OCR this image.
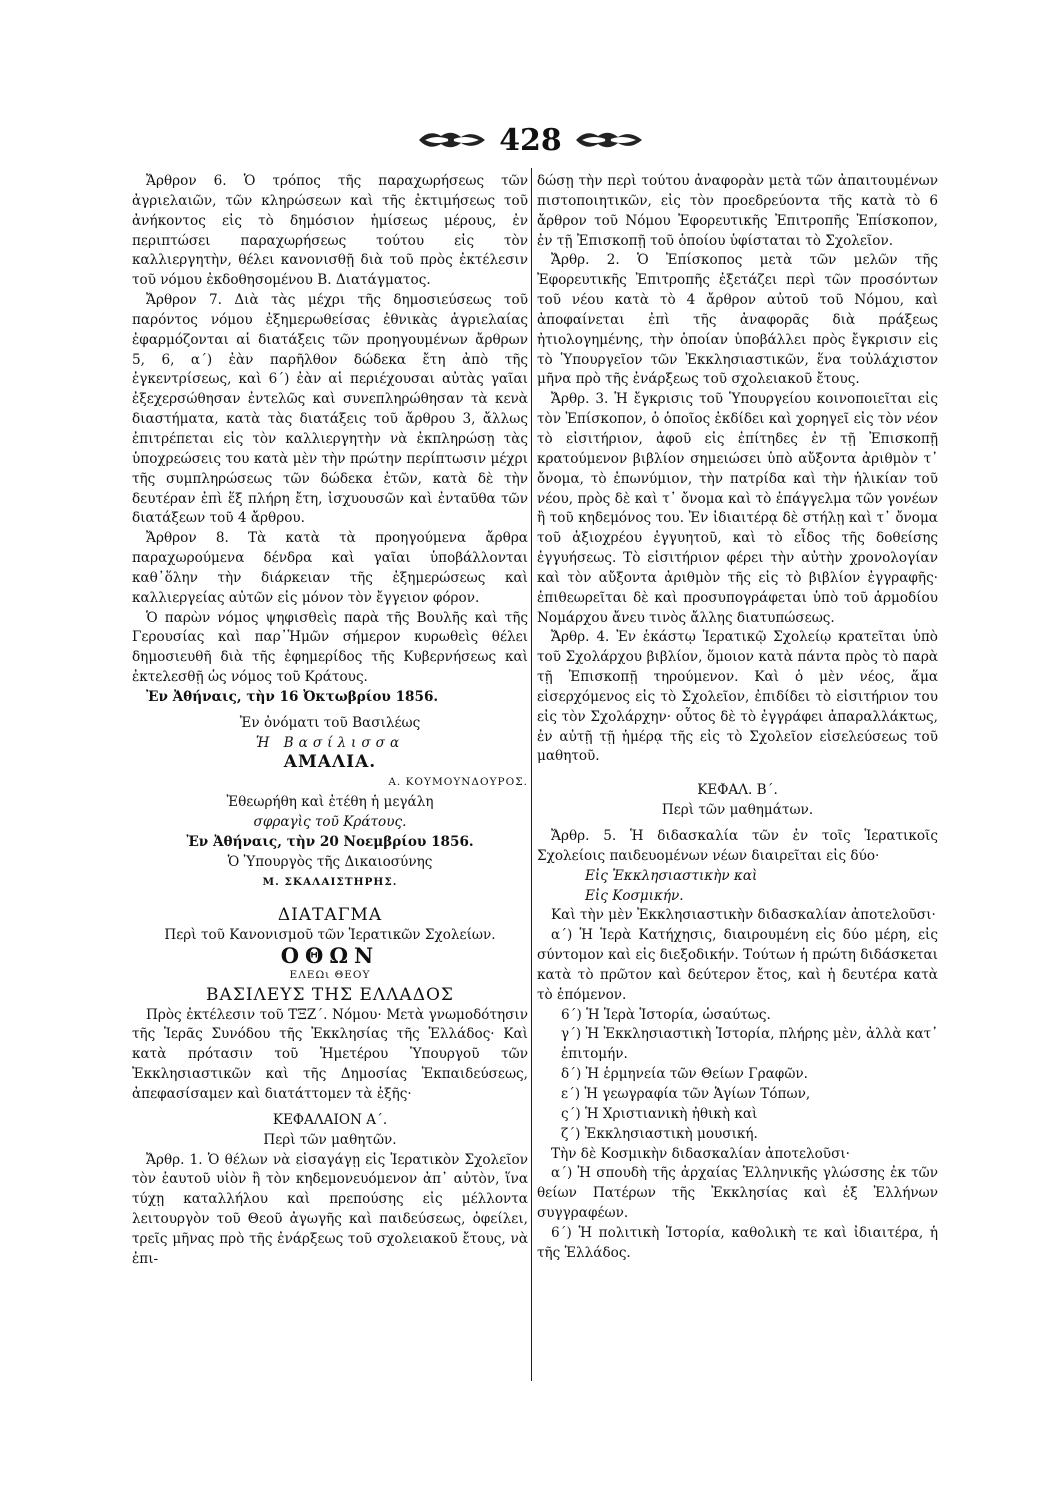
428

Ἄρθρον 6. Ὁ τρόπος τῆς παραχωρήσεως τῶν ἀγριελαιῶν, τῶν κληρώσεων καὶ τῆς ἐκτιμήσεως τοῦ ἀνήκοντος εἰς τὸ δημόσιον ἡμίσεως μέρους, ἐν περιπτώσει παραχωρήσεως τούτου εἰς τὸν καλλιεργητὴν, θέλει κανονισθῇ διὰ τοῦ πρὸς ἐκτέλεσιν τοῦ νόμου ἐκδοθησομένου Β. Διατάγματος.

Ἄρθρον 7. Διὰ τὰς μέχρι τῆς δημοσιεύσεως τοῦ παρόντος νόμου ἐξημερωθείσας ἐθνικὰς ἀγριελαίας ἐφαρμόζονται αἱ διατάξεις τῶν προηγουμένων ἄρθρων 5, 6, α΄) ἐὰν παρῆλθον δώδεκα ἔτη ἀπὸ τῆς ἐγκεντρίσεως, καὶ 6΄) ἐὰν αἱ περιέχουσαι αὐτὰς γαῖαι ἐξεχερσώθησαν ἐντελῶς καὶ συνεπληρώθησαν τὰ κενὰ διαστήματα, κατὰ τὰς διατάξεις τοῦ ἄρθρου 3, ἄλλως ἐπιτρέπεται εἰς τὸν καλλιεργητὴν νὰ ἐκπληρώσῃ τὰς ὑποχρεώσεις του κατὰ μὲν τὴν πρώτην περίπτωσιν μέχρι τῆς συμπληρώσεως τῶν δώδεκα ἐτῶν, κατὰ δὲ τὴν δευτέραν ἐπὶ ἕξ πλήρη ἔτη, ἰσχυουσῶν καὶ ἐνταῦθα τῶν διατάξεων τοῦ 4 ἄρθρου.

Ἄρθρον 8. Τὰ κατὰ τὰ προηγούμενα ἄρθρα παραχωρούμενα δένδρα καὶ γαῖαι ὑποβάλλονται καθ᾽ὅλην τὴν διάρκειαν τῆς ἐξημερώσεως καὶ καλλιεργείας αὐτῶν εἰς μόνον τὸν ἔγγειον φόρον.

Ὁ παρὼν νόμος ψηφισθεὶς παρὰ τῆς Βουλῆς καὶ τῆς Γερουσίας καὶ παρ᾽Ἡμῶν σήμερον κυρωθεὶς θέλει δημοσιευθῆ διὰ τῆς ἐφημερίδος τῆς Κυβερνήσεως καὶ ἐκτελεσθῇ ὡς νόμος τοῦ Κράτους.

Ἐν Ἀθήναις, τὴν 16 Ὀκτωβρίου 1856.

Ἐν ὀνόματι τοῦ Βασιλέως

Ἡ Βασίλισσα

ΑΜΑΛΙΑ.

Α. ΚΟΥΜΟΥΝΔΟΥΡΟΣ.

Ἐθεωρήθη καὶ ἐτέθη ἡ μεγάλη

σφραγὶς τοῦ Κράτους.

Ἐν Ἀθήναις, τὴν 20 Νοεμβρίου 1856.

Ὁ Ὑπουργὸς τῆς Δικαιοσύνης

Μ. ΣΚΑΛΑΙΣΤΗΡΗΣ.

ΔΙΑΤΑΓΜΑ

Περὶ τοῦ Κανονισμοῦ τῶν Ἱερατικῶν Σχολείων.

ΟΘΩΝ

ΕΛΕΩι ΘΕΟΥ

ΒΑΣΙΛΕΥΣ ΤΗΣ ΕΛΛΑΔΟΣ

Πρὸς ἐκτέλεσιν τοῦ ΤΞΖ΄. Νόμου· Μετὰ γνωμοδότησιν τῆς Ἱερᾶς Συνόδου τῆς Ἐκκλησίας τῆς Ἑλλάδος· Καὶ κατὰ πρότασιν τοῦ Ἡμετέρου Ὑπουργοῦ τῶν Ἐκκλησιαστικῶν καὶ τῆς Δημοσίας Ἐκπαιδεύσεως, ἀπεφασίσαμεν καὶ διατάττομεν τὰ ἑξῆς·

ΚΕΦΑΛΑΙΟΝ Α΄.

Περὶ τῶν μαθητῶν.

Ἄρθρ. 1. Ὁ θέλων νὰ εἰσαγάγῃ εἰς Ἱερατικὸν Σχολεῖον τὸν ἑαυτοῦ υἱὸν ἢ τὸν κηδεμονευόμενον ἀπ᾽ αὐτὸν, ἵνα τύχῃ καταλλήλου καὶ πρεπούσης εἰς μέλλοντα λειτουργὸν τοῦ Θεοῦ ἀγωγῆς καὶ παιδεύσεως, ὀφείλει, τρεῖς μῆνας πρὸ τῆς ἐνάρξεως τοῦ σχολειακοῦ ἔτους, νὰ ἐπι-

δώσῃ τὴν περὶ τούτου ἀναφορὰν μετὰ τῶν ἀπαιτουμένων πιστοποιητικῶν, εἰς τὸν προεδρεύοντα τῆς κατὰ τὸ 6 ἄρθρον τοῦ Νόμου Ἐφορευτικῆς Ἐπιτροπῆς Ἐπίσκοπον, ἐν τῇ Ἐπισκοπῇ τοῦ ὁποίου ὑφίσταται τὸ Σχολεῖον.

Ἄρθρ. 2. Ὁ Ἐπίσκοπος μετὰ τῶν μελῶν τῆς Ἐφορευτικῆς Ἐπιτροπῆς ἐξετάζει περὶ τῶν προσόντων τοῦ νέου κατὰ τὸ 4 ἄρθρον αὐτοῦ τοῦ Νόμου, καὶ ἀποφαίνεται ἐπὶ τῆς ἀναφορᾶς διὰ πράξεως ἠτιολογημένης, τὴν ὁποίαν ὑποβάλλει πρὸς ἔγκρισιν εἰς τὸ Ὑπουργεῖον τῶν Ἐκκλησιαστικῶν, ἕνα τοὐλάχιστον μῆνα πρὸ τῆς ἐνάρξεως τοῦ σχολειακοῦ ἔτους.

Ἄρθρ. 3. Ἡ ἔγκρισις τοῦ Ὑπουργείου κοινοποιεῖται εἰς τὸν Ἐπίσκοπον, ὁ ὁποῖος ἐκδίδει καὶ χορηγεῖ εἰς τὸν νέον τὸ εἰσιτήριον, ἀφοῦ εἰς ἐπίτηδες ἐν τῇ Ἐπισκοπῇ κρατούμενον βιβλίον σημειώσει ὑπὸ αὔξοντα ἀριθμὸν τ᾽ ὄνομα, τὸ ἐπωνύμιον, τὴν πατρίδα καὶ τὴν ἡλικίαν τοῦ νέου, πρὸς δὲ καὶ τ᾽ ὄνομα καὶ τὸ ἐπάγγελμα τῶν γονέων ἢ τοῦ κηδεμόνος του. Ἐν ἰδιαιτέρᾳ δὲ στήλῃ καὶ τ᾽ ὄνομα τοῦ ἀξιοχρέου ἐγγυητοῦ, καὶ τὸ εἶδος τῆς δοθείσης ἐγγυήσεως. Τὸ εἰσιτήριον φέρει τὴν αὐτὴν χρονολογίαν καὶ τὸν αὔξοντα ἀριθμὸν τῆς εἰς τὸ βιβλίον ἐγγραφῆς· ἐπιθεωρεῖται δὲ καὶ προσυπογράφεται ὑπὸ τοῦ ἁρμοδίου Νομάρχου ἄνευ τινὸς ἄλλης διατυπώσεως.

Ἄρθρ. 4. Ἐν ἑκάστῳ Ἱερατικῷ Σχολείῳ κρατεῖται ὑπὸ τοῦ Σχολάρχου βιβλίον, ὅμοιον κατὰ πάντα πρὸς τὸ παρὰ τῇ Ἐπισκοπῇ τηρούμενον. Καὶ ὁ μὲν νέος, ἅμα εἰσερχόμενος εἰς τὸ Σχολεῖον, ἐπιδίδει τὸ εἰσιτήριον του εἰς τὸν Σχολάρχην· οὗτος δὲ τὸ ἐγγράφει ἀπαραλλάκτως, ἐν αὐτῇ τῇ ἡμέρᾳ τῆς εἰς τὸ Σχολεῖον εἰσελεύσεως τοῦ μαθητοῦ.

ΚΕΦΑΛ. Β΄.

Περὶ τῶν μαθημάτων.

Ἄρθρ. 5. Ἡ διδασκαλία τῶν ἐν τοῖς Ἱερατικοῖς Σχολείοις παιδευομένων νέων διαιρεῖται εἰς δύο·

Εἰς Ἐκκλησιαστικὴν καὶ

Εἰς Κοσμικήν.

Καὶ τὴν μὲν Ἐκκλησιαστικὴν διδασκαλίαν ἀποτελοῦσι·

α΄) Ἡ Ἱερὰ Κατήχησις, διαιρουμένη εἰς δύο μέρη, εἰς σύντομον καὶ εἰς διεξοδικήν. Τούτων ἡ πρώτη διδάσκεται κατὰ τὸ πρῶτον καὶ δεύτερον ἔτος, καὶ ἡ δευτέρα κατὰ τὸ ἑπόμενον.

6΄) Ἡ Ἱερὰ Ἱστορία, ὡσαύτως.

γ΄) Ἡ Ἐκκλησιαστικὴ Ἱστορία, πλήρης μὲν, ἀλλὰ κατ᾽ ἐπιτομήν.

δ΄) Ἡ ἑρμηνεία τῶν Θείων Γραφῶν.

ε΄) Ἡ γεωγραφία τῶν Ἁγίων Τόπων,

ς΄) Ἡ Χριστιανικὴ ἠθικὴ καὶ

ζ΄) Ἐκκλησιαστικὴ μουσική.

Τὴν δὲ Κοσμικὴν διδασκαλίαν ἀποτελοῦσι·

α΄) Ἡ σπουδὴ τῆς ἀρχαίας Ἑλληνικῆς γλώσσης ἐκ τῶν θείων Πατέρων τῆς Ἐκκλησίας καὶ ἐξ Ἑλλήνων συγγραφέων.

6΄) Ἡ πολιτικὴ Ἱστορία, καθολικὴ τε καὶ ἰδιαιτέρα, ἡ τῆς Ἑλλάδος.
